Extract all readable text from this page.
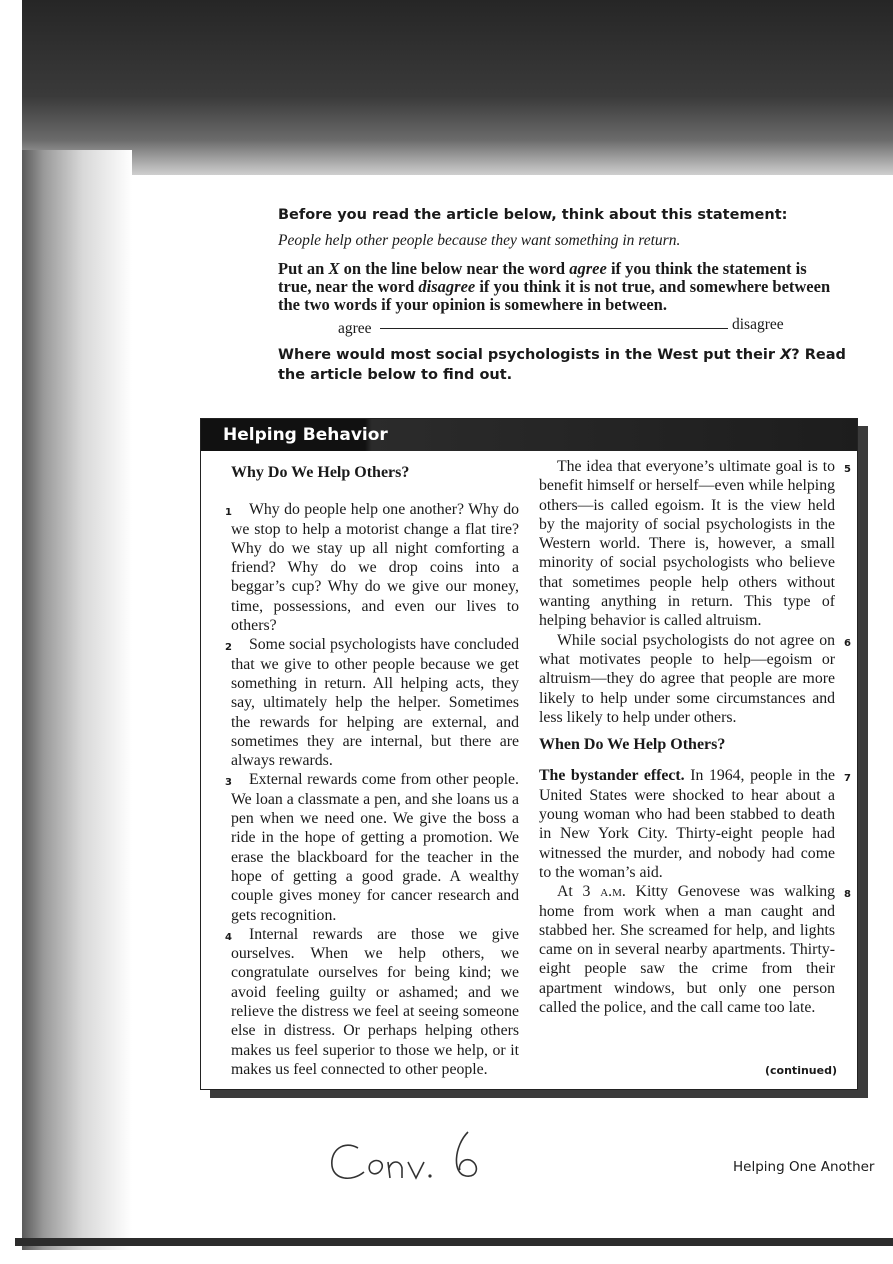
Before you read the article below, think about this statement:
People help other people because they want something in return.
Put an X on the line below near the word agree if you think the statement is true, near the word disagree if you think it is not true, and somewhere between the two words if your opinion is somewhere in between.
agree	disagree
Where would most social psychologists in the West put their X? Read the article below to find out.
Helping Behavior
Why Do We Help Others?

1 Why do people help one another? Why do we stop to help a motorist change a flat tire? Why do we stay up all night comforting a friend? Why do we drop coins into a beggar’s cup? Why do we give our money, time, possessions, and even our lives to others?

2 Some social psychologists have concluded that we give to other people because we get something in return. All helping acts, they say, ultimately help the helper. Sometimes the rewards for helping are external, and sometimes they are internal, but there are always rewards.

3 External rewards come from other people. We loan a classmate a pen, and she loans us a pen when we need one. We give the boss a ride in the hope of getting a promotion. We erase the blackboard for the teacher in the hope of getting a good grade. A wealthy couple gives money for cancer research and gets recognition.

4 Internal rewards are those we give ourselves. When we help others, we congratulate ourselves for being kind; we avoid feeling guilty or ashamed; and we relieve the distress we feel at seeing someone else in distress. Or perhaps helping others makes us feel superior to those we help, or it makes us feel connected to other people.

5
The idea that everyone’s ultimate goal is to benefit himself or herself—even while helping others—is called egoism. It is the view held by the majority of social psychologists in the Western world. There is, however, a small minority of social psychologists who believe that sometimes people help others without wanting anything in return. This type of helping behavior is called altruism.

6
While social psychologists do not agree on what motivates people to help—egoism or altruism—they do agree that people are more likely to help under some circumstances and less likely to help under others.

When Do We Help Others?

7
The bystander effect. In 1964, people in the United States were shocked to hear about a young woman who had been stabbed to death in New York City. Thirty-eight people had witnessed the murder, and nobody had come to the woman’s aid.

8
At 3 a.m. Kitty Genovese was walking home from work when a man caught and stabbed her. She screamed for help, and lights came on in several nearby apartments. Thirty-eight people saw the crime from their apartment windows, but only one person called the police, and the call came too late.

(continued)
Helping One Another
